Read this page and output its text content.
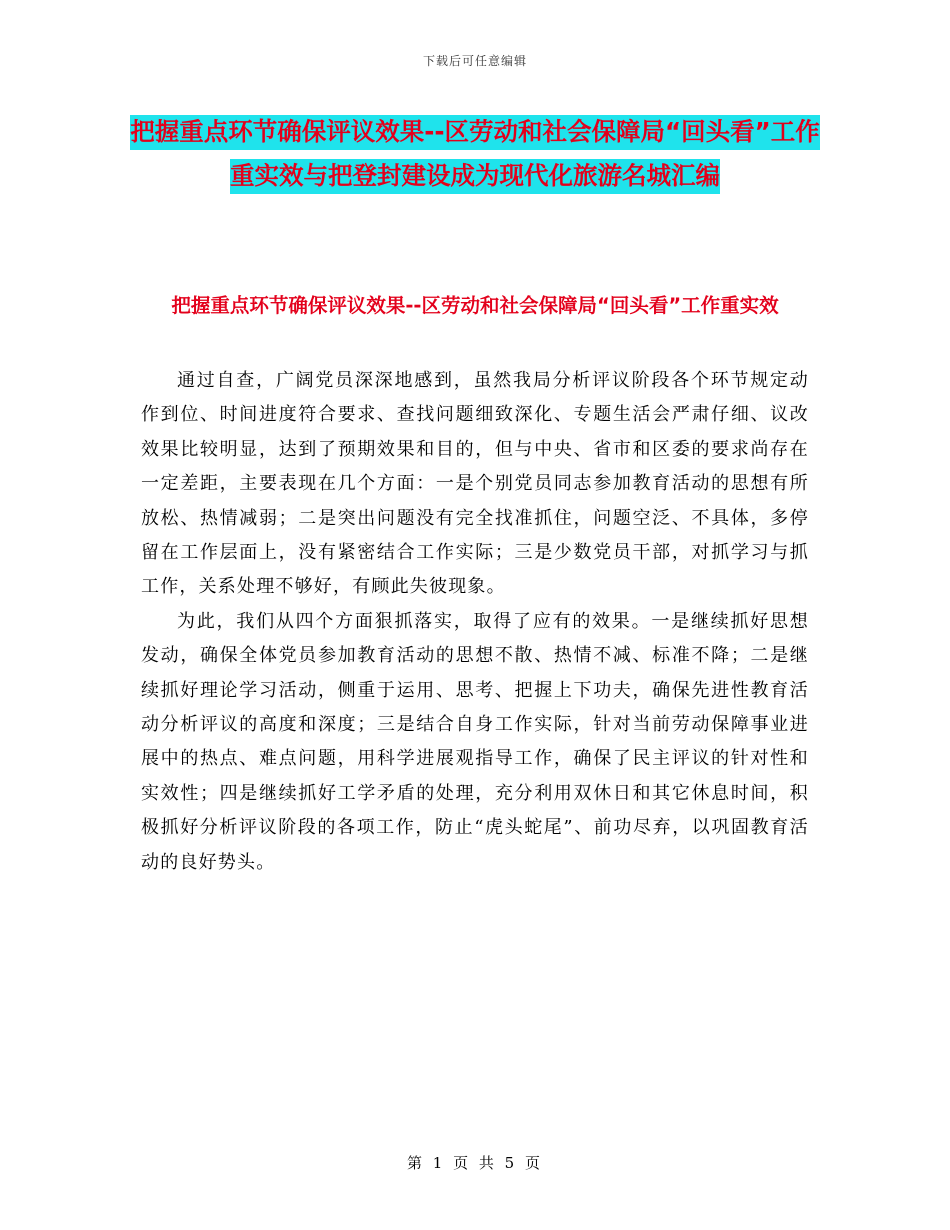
下载后可任意编辑
把握重点环节确保评议效果--区劳动和社会保障局“回头看”工作重实效与把登封建设成为现代化旅游名城汇编
把握重点环节确保评议效果--区劳动和社会保障局“回头看”工作重实效

通过自查，广阔党员深深地感到，虽然我局分析评议阶段各个环节规定动作到位、时间进度符合要求、查找问题细致深化、专题生活会严肃仔细、议改效果比较明显，达到了预期效果和目的，但与中央、省市和区委的要求尚存在一定差距，主要表现在几个方面：一是个别党员同志参加教育活动的思想有所放松、热情减弱；二是突出问题没有完全找准抓住，问题空泛、不具体，多停留在工作层面上，没有紧密结合工作实际；三是少数党员干部，对抓学习与抓工作，关系处理不够好，有顾此失彼现象。

为此，我们从四个方面狠抓落实，取得了应有的效果。一是继续抓好思想发动，确保全体党员参加教育活动的思想不散、热情不减、标准不降；二是继续抓好理论学习活动，侧重于运用、思考、把握上下功夫，确保先进性教育活动分析评议的高度和深度；三是结合自身工作实际，针对当前劳动保障事业进展中的热点、难点问题，用科学进展观指导工作，确保了民主评议的针对性和实效性；四是继续抓好工学矛盾的处理，充分利用双休日和其它休息时间，积极抓好分析评议阶段的各项工作，防止“虎头蛇尾”、前功尽弃，以巩固教育活动的良好势头。

第 1 页 共 5 页
